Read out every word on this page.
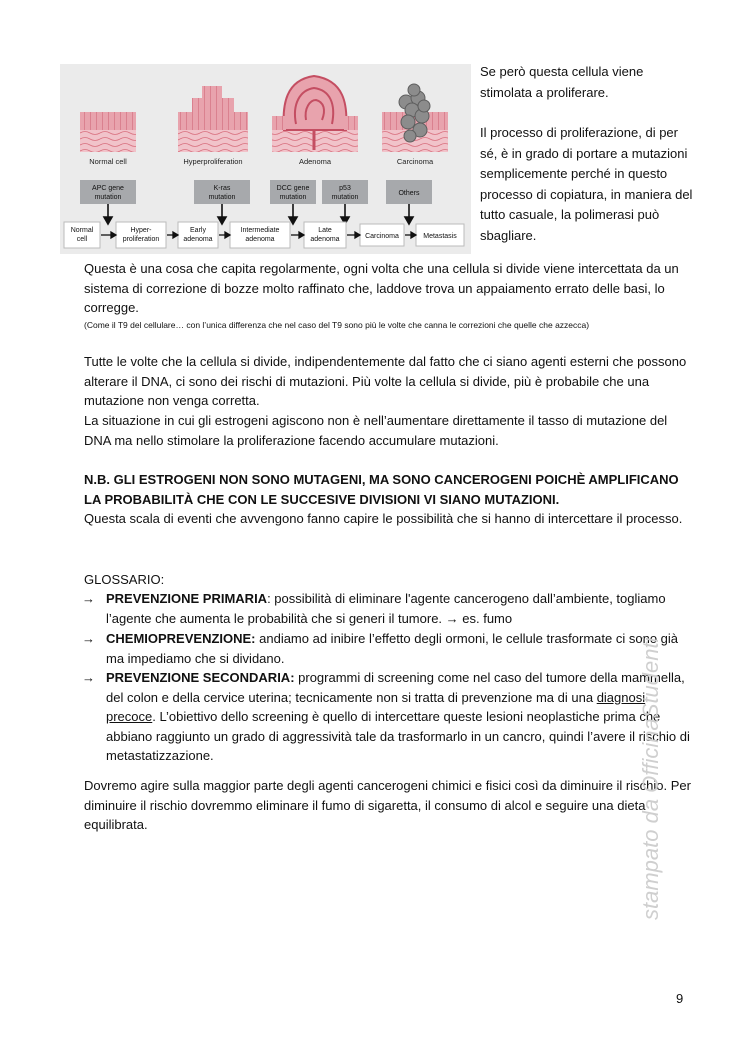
Normal cell	Hyperproliferation	Adenoma	Carcinoma
APC gene
mutation
K-ras
mutation
DCC gene
mutation
p53
mutation
Others
Normal
cell
Hyper-
proliferation
Early
adenoma
Intermediate
adenoma
Late
adenoma	Carcinoma	Metastasis

Se però questa cellula viene stimolata a proliferare.

Il processo di proliferazione, di per sé, è in grado di portare a mutazioni semplicemente perché in questo processo di copiatura, in maniera del tutto casuale, la polimerasi può sbagliare.

Questa è una cosa che capita regolarmente, ogni volta che una cellula si divide viene intercettata da un sistema di correzione di bozze molto raffinato che, laddove trova un appaiamento errato delle basi, lo corregge.
(Come il T9 del cellulare… con l’unica differenza che nel caso del T9 sono più le volte che canna le correzioni che quelle che azzecca)
Tutte le volte che la cellula si divide, indipendentemente dal fatto che ci siano agenti esterni che possono alterare il DNA, ci sono dei rischi di mutazioni. Più volte la cellula si divide, più è probabile che una mutazione non venga corretta.
La situazione in cui gli estrogeni agiscono non è nell’aumentare direttamente il tasso di mutazione del DNA ma nello stimolare la proliferazione facendo accumulare mutazioni.
N.B. GLI ESTROGENI NON SONO MUTAGENI, MA SONO CANCEROGENI POICHÈ AMPLIFICANO LA PROBABILITÀ CHE CON LE SUCCESIVE DIVISIONI VI SIANO MUTAZIONI.
Questa scala di eventi che avvengono fanno capire le possibilità che si hanno di intercettare il processo.
GLOSSARIO:
→ PREVENZIONE PRIMARIA: possibilità di eliminare l'agente cancerogeno dall’ambiente, togliamo l’agente che aumenta le probabilità che si generi il tumore. → es. fumo
→ CHEMIOPREVENZIONE: andiamo ad inibire l’effetto degli ormoni, le cellule trasformate ci sono già ma impediamo che si dividano.
→ PREVENZIONE SECONDARIA: programmi di screening come nel caso del tumore della mammella, del colon e della cervice uterina; tecnicamente non si tratta di prevenzione ma di una diagnosi precoce. L’obiettivo dello screening è quello di intercettare queste lesioni neoplastiche prima che abbiano raggiunto un grado di aggressività tale da trasformarlo in un cancro, quindi l’avere il rischio di metastatizzazione.
Dovremo agire sulla maggior parte degli agenti cancerogeni chimici e fisici così da diminuire il rischio. Per diminuire il rischio dovremmo eliminare il fumo di sigaretta, il consumo di alcol e seguire una dieta equilibrata.	stampato da OfficinaStudenti
9
